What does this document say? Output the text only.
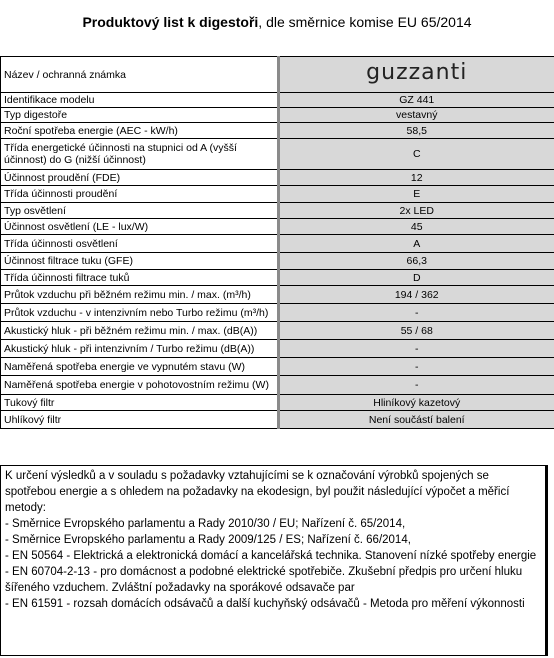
Produktový list k digestoři, dle směrnice komise EU 65/2014
Název / ochranná známka	guzzanti
Identifikace modelu	GZ 441
Typ digestoře	vestavný
Roční spotřeba energie (AEC - kW/h)	58,5
Třída energetické účinnosti na stupnici od A (vyšší účinnost) do G (nižší účinnost)	C
Účinnost proudění (FDE)	12
Třída účinnosti proudění	E
Typ osvětlení	2x LED
Účinnost osvětlení (LE - lux/W)	45
Třída účinnosti osvětlení	A
Účinnost filtrace tuku (GFE)	66,3
Třída účinnosti filtrace tuků	D
Průtok vzduchu při běžném režimu min. / max. (m³/h)	194 / 362
Průtok vzduchu - v intenzivním nebo Turbo režimu (m³/h)	-
Akustický hluk - při běžném režimu min. / max. (dB(A))	55 / 68
Akustický hluk - při intenzivním / Turbo režimu (dB(A))	-
Naměřená spotřeba energie ve vypnutém stavu (W)	-
Naměřená spotřeba energie v pohotovostním režimu (W)	-
Tukový filtr	Hliníkový kazetový
Uhlíkový filtr	Není součástí balení
K určení výsledků a v souladu s požadavky vztahujícími se k označování výrobků spojených se spotřebou energie a s ohledem na požadavky na ekodesign, byl použit následující výpočet a měřicí metody:
- Směrnice Evropského parlamentu a Rady 2010/30 / EU; Nařízení č. 65/2014,
- Směrnice Evropského parlamentu a Rady 2009/125 / ES; Nařízení č. 66/2014,
- EN 50564 - Elektrická a elektronická domácí a kancelářská technika. Stanovení nízké spotřeby energie
- EN 60704-2-13 - pro domácnost a podobné elektrické spotřebiče. Zkušební předpis pro určení hluku šířeného vzduchem. Zvláštní požadavky na sporákové odsavače par
- EN 61591 - rozsah domácích odsávačů a další kuchyňský odsávačů - Metoda pro měření výkonnosti
